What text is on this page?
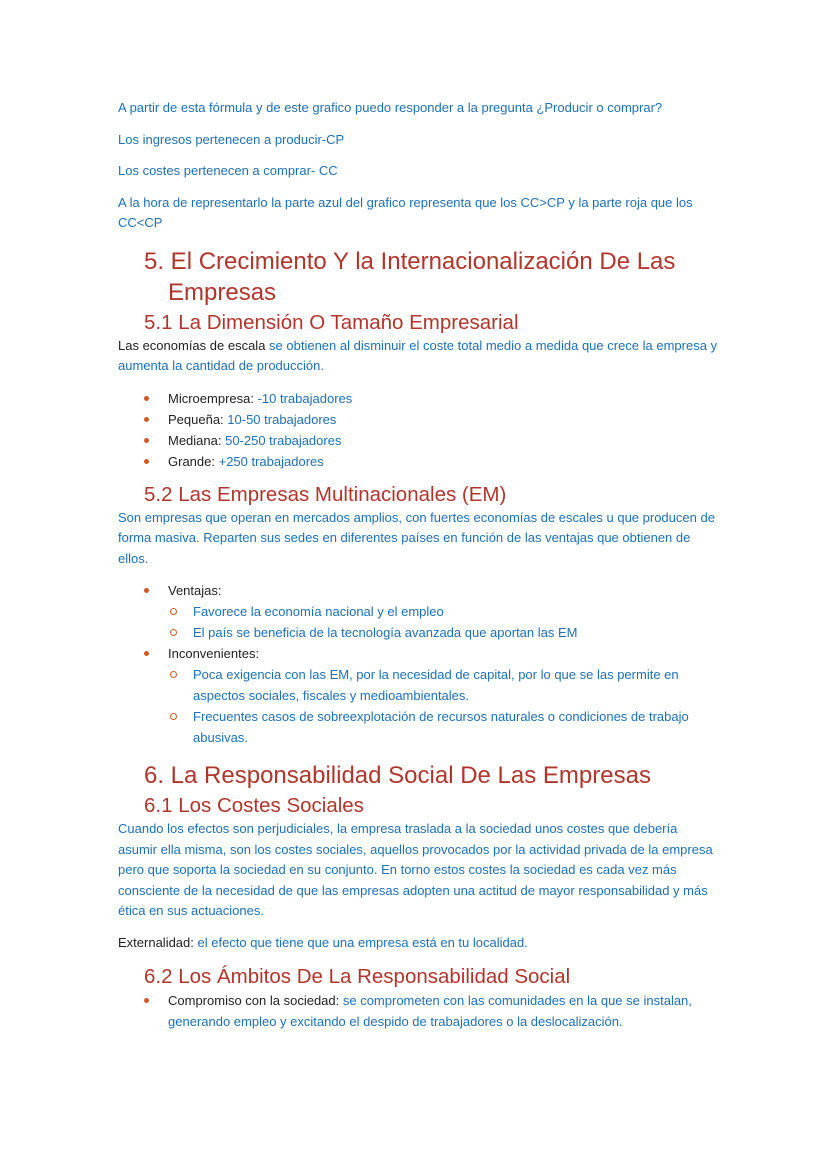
A partir de esta fórmula y de este grafico puedo responder a la pregunta ¿Producir o comprar?

Los ingresos pertenecen a producir-CP

Los costes pertenecen a comprar- CC

A la hora de representarlo la parte azul del grafico representa que los CC>CP y la parte roja que los CC<CP

5. El Crecimiento Y la Internacionalización De Las
Empresas
5.1 La Dimensión O Tamaño Empresarial

Las economías de escala se obtienen al disminuir el coste total medio a medida que crece la empresa y aumenta la cantidad de producción.

Microempresa: -10 trabajadores
Pequeña: 10-50 trabajadores
Mediana: 50-250 trabajadores
Grande: +250 trabajadores
5.2 Las Empresas Multinacionales (EM)

Son empresas que operan en mercados amplios, con fuertes economías de escales u que producen de forma masiva. Reparten sus sedes en diferentes países en función de las ventajas que obtienen de ellos.

Ventajas:
Favorece la economía nacional y el empleo
El país se beneficia de la tecnología avanzada que aportan las EM
Inconvenientes:
Poca exigencia con las EM, por la necesidad de capital, por lo que se las permite en aspectos sociales, fiscales y medioambientales.
Frecuentes casos de sobreexplotación de recursos naturales o condiciones de trabajo abusivas.
6. La Responsabilidad Social De Las Empresas
6.1 Los Costes Sociales

Cuando los efectos son perjudiciales, la empresa traslada a la sociedad unos costes que debería asumir ella misma, son los costes sociales, aquellos provocados por la actividad privada de la empresa pero que soporta la sociedad en su conjunto. En torno estos costes la sociedad es cada vez más consciente de la necesidad de que las empresas adopten una actitud de mayor responsabilidad y más ética en sus actuaciones.

Externalidad: el efecto que tiene que una empresa está en tu localidad.

6.2 Los Ámbitos De La Responsabilidad Social
Compromiso con la sociedad: se comprometen con las comunidades en la que se instalan, generando empleo y excitando el despido de trabajadores o la deslocalización.
